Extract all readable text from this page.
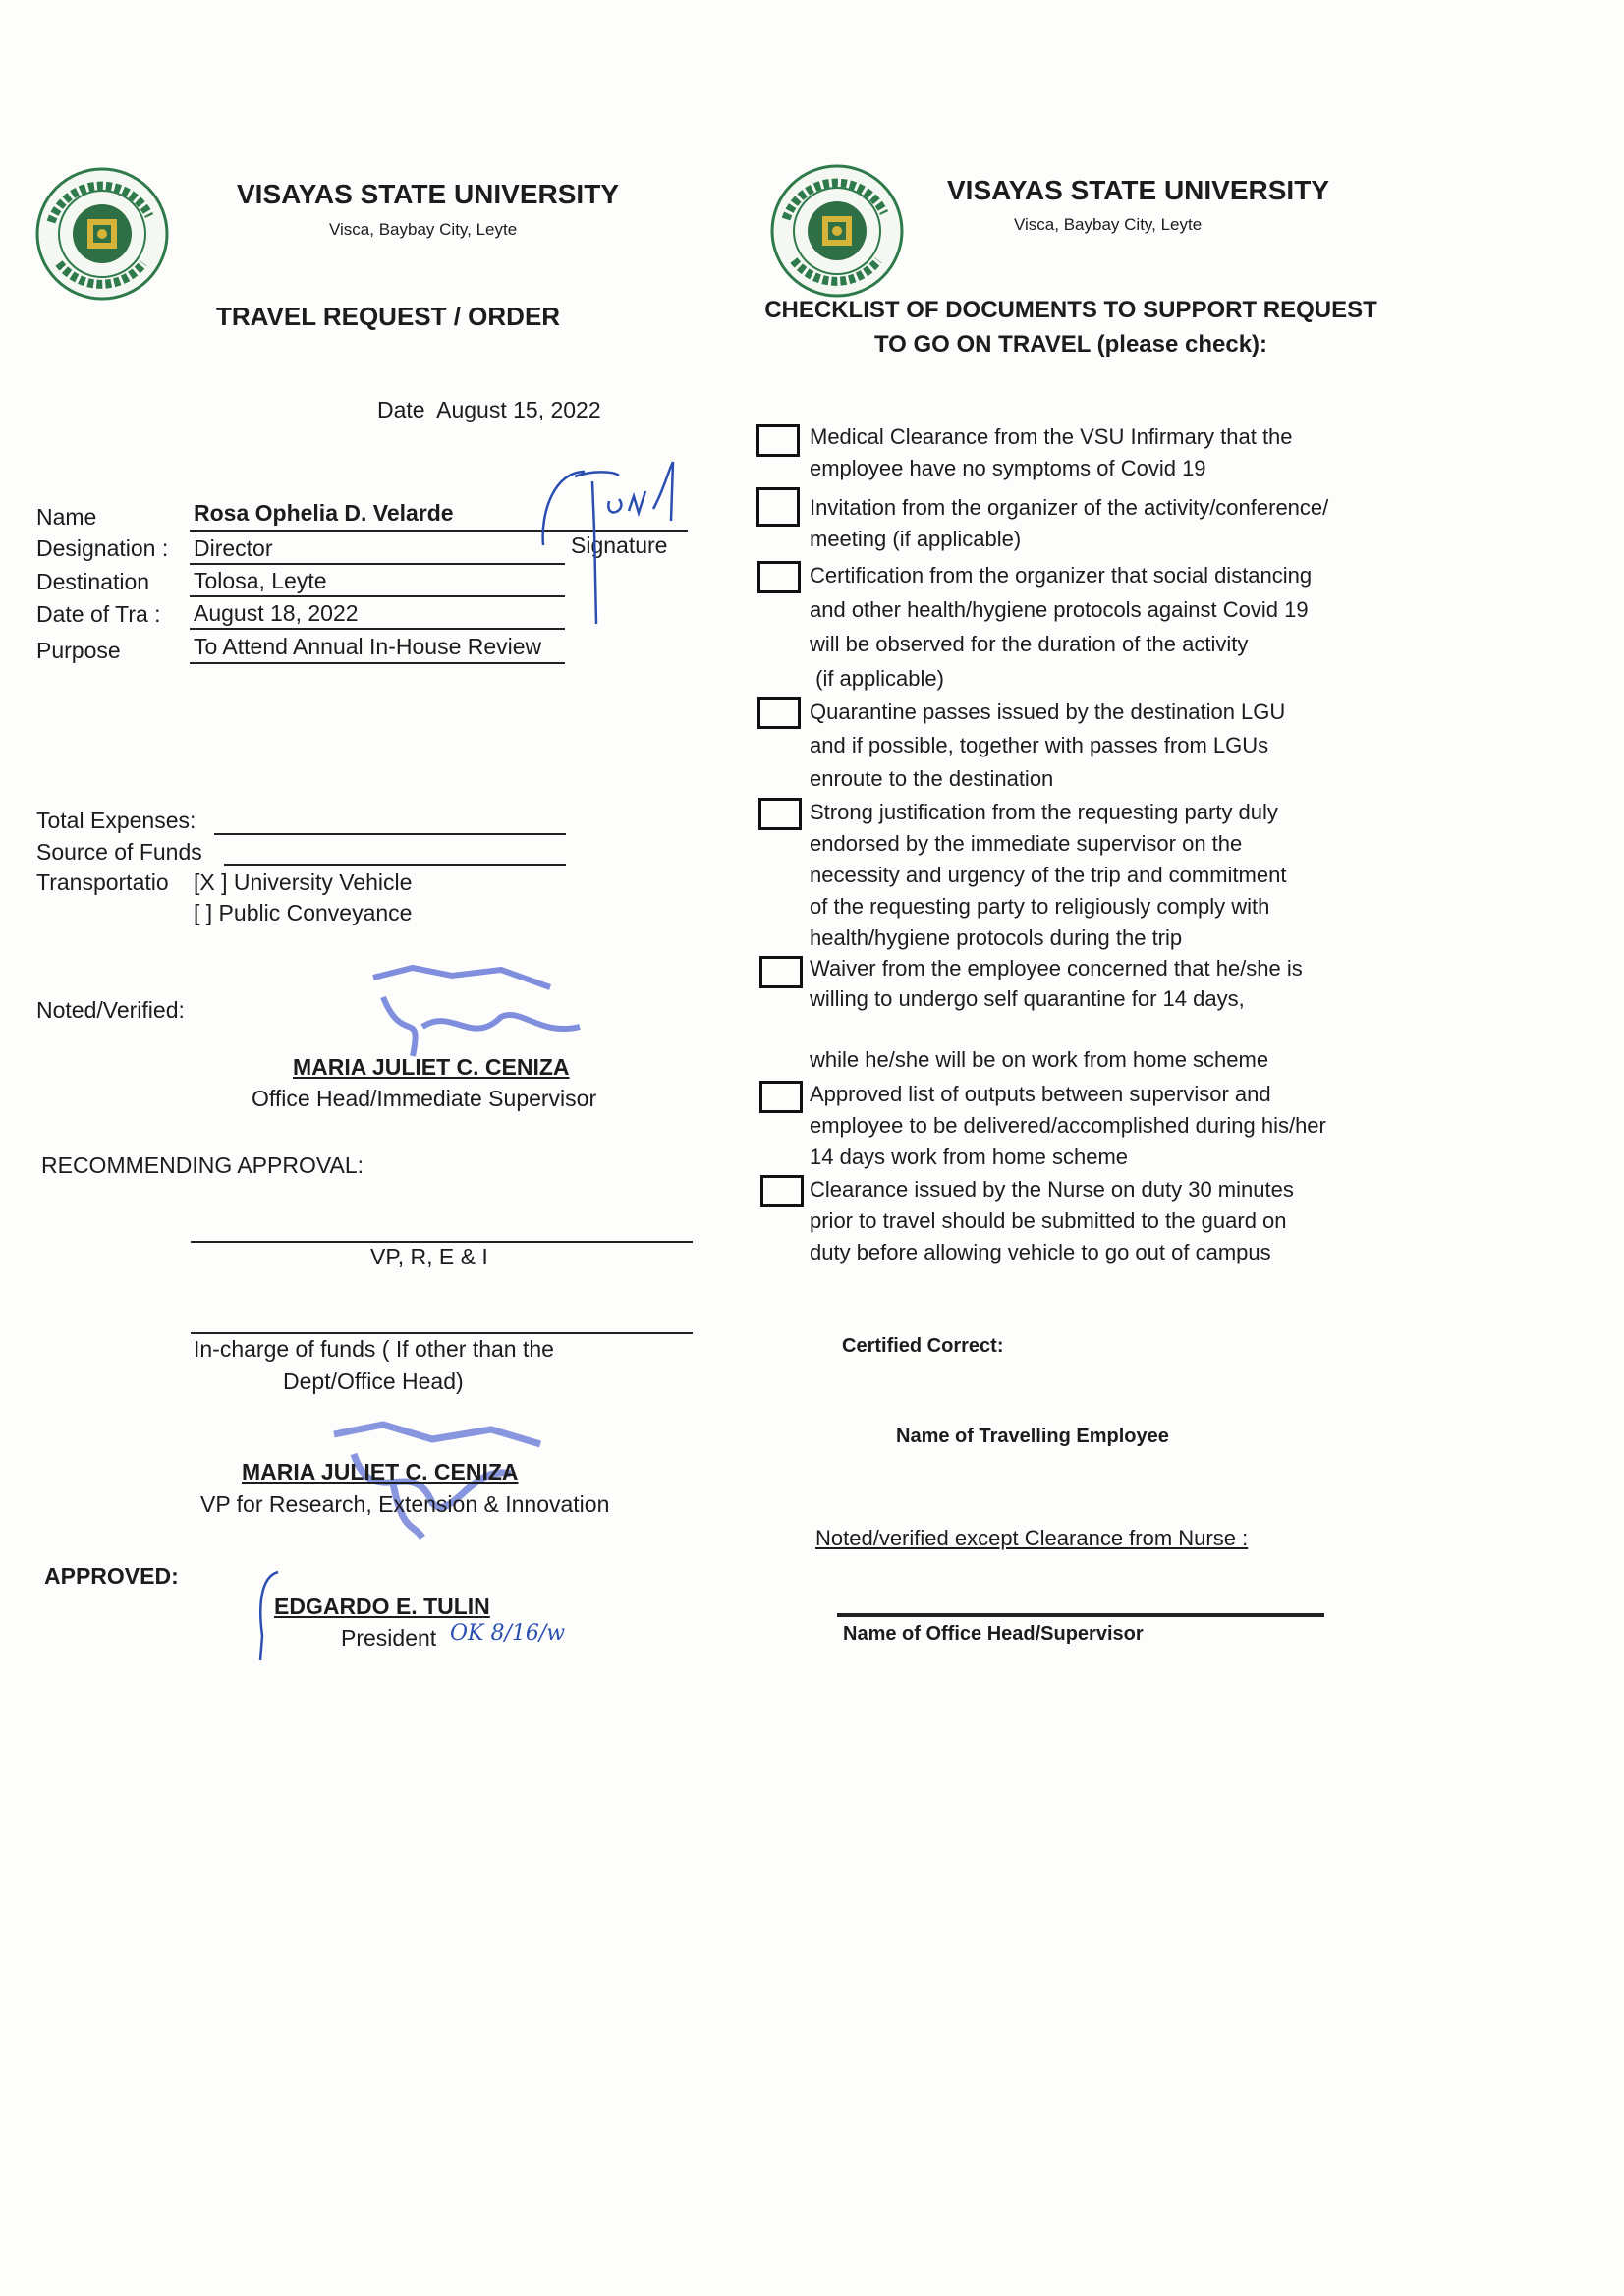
VISAYAS STATE UNIVERSITY
Visca, Baybay City, Leyte
TRAVEL REQUEST / ORDER
Date August 15, 2022
Name	Rosa Ophelia D. Velarde
Designation : Director	Signature
Destination Tolosa, Leyte
Date of Tra : August 18, 2022
Purpose	To Attend Annual In-House Review
Total Expenses:
Source of Funds
Transportatio [X ] University Vehicle
[ ] Public Conveyance
Noted/Verified:
MARIA JULIET C. CENIZA
Office Head/Immediate Supervisor
RECOMMENDING APPROVAL:
VP, R, E & I
In-charge of funds ( If other than the
Dept/Office Head)
MARIA JULIET C. CENIZA
VP for Research, Extension & Innovation
APPROVED:
EDGARDO E. TULIN
President OK 8/16/w
VISAYAS STATE UNIVERSITY
Visca, Baybay City, Leyte
CHECKLIST OF DOCUMENTS TO SUPPORT REQUEST
TO GO ON TRAVEL (please check):
Medical Clearance from the VSU Infirmary that the
employee have no symptoms of Covid 19
Invitation from the organizer of the activity/conference/
meeting (if applicable)
Certification from the organizer that social distancing
and other health/hygiene protocols against Covid 19
will be observed for the duration of the activity
(if applicable)
Quarantine passes issued by the destination LGU
and if possible, together with passes from LGUs
enroute to the destination
Strong justification from the requesting party duly
endorsed by the immediate supervisor on the
necessity and urgency of the trip and commitment
of the requesting party to religiously comply with
health/hygiene protocols during the trip
Waiver from the employee concerned that he/she is
willing to undergo self quarantine for 14 days,

while he/she will be on work from home scheme
Approved list of outputs between supervisor and
employee to be delivered/accomplished during his/her
14 days work from home scheme
Clearance issued by the Nurse on duty 30 minutes
prior to travel should be submitted to the guard on
duty before allowing vehicle to go out of campus
Certified Correct:
Name of Travelling Employee
Noted/verified except Clearance from Nurse :
Name of Office Head/Supervisor
